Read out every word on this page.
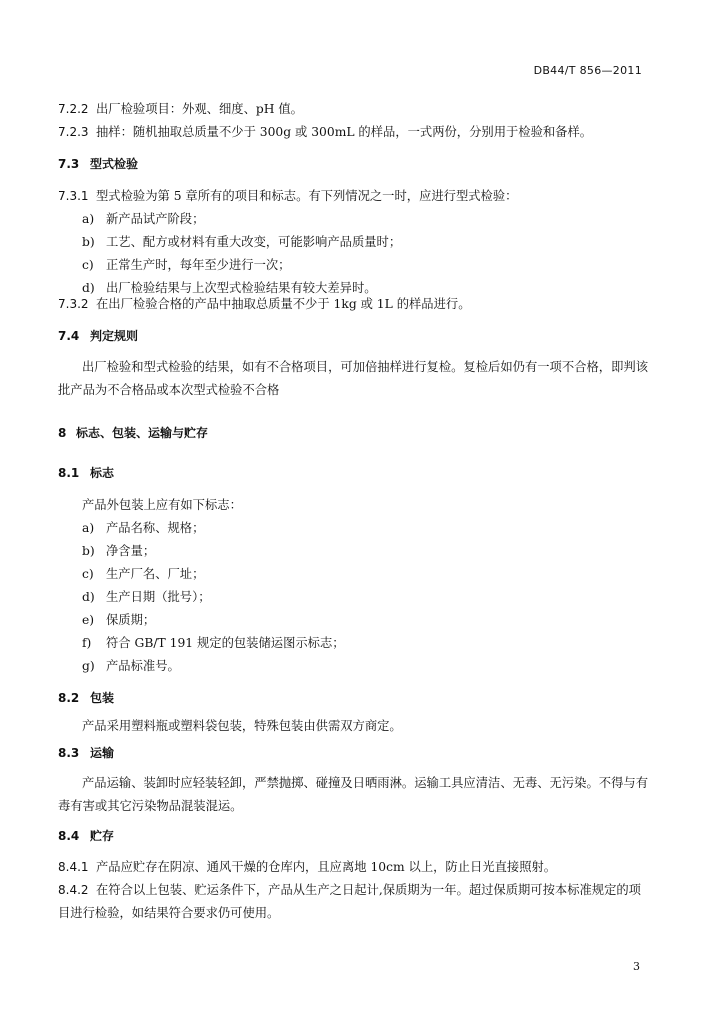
DB44/T 856—2011
7.2.2 出厂检验项目：外观、细度、pH 值。
7.2.3 抽样：随机抽取总质量不少于 300g 或 300mL 的样品，一式两份，分别用于检验和备样。
7.3 型式检验
7.3.1 型式检验为第 5 章所有的项目和标志。有下列情况之一时，应进行型式检验：
a) 新产品试产阶段；
b) 工艺、配方或材料有重大改变，可能影响产品质量时；
c) 正常生产时，每年至少进行一次；
d) 出厂检验结果与上次型式检验结果有较大差异时。
7.3.2 在出厂检验合格的产品中抽取总质量不少于 1kg 或 1L 的样品进行。
7.4 判定规则
出厂检验和型式检验的结果，如有不合格项目，可加倍抽样进行复检。复检后如仍有一项不合格，即判该批产品为不合格品或本次型式检验不合格
8 标志、包装、运输与贮存
8.1 标志
产品外包装上应有如下标志：
a) 产品名称、规格；
b) 净含量；
c) 生产厂名、厂址；
d) 生产日期（批号）；
e) 保质期；
f) 符合 GB/T 191 规定的包装储运图示标志；
g) 产品标准号。
8.2 包装
产品采用塑料瓶或塑料袋包装，特殊包装由供需双方商定。
8.3 运输
产品运输、装卸时应轻装轻卸，严禁抛掷、碰撞及日晒雨淋。运输工具应清洁、无毒、无污染。不得与有毒有害或其它污染物品混装混运。
8.4 贮存
8.4.1 产品应贮存在阴凉、通风干燥的仓库内，且应离地 10cm 以上，防止日光直接照射。
8.4.2 在符合以上包装、贮运条件下，产品从生产之日起计,保质期为一年。超过保质期可按本标准规定的项目进行检验，如结果符合要求仍可使用。
3
